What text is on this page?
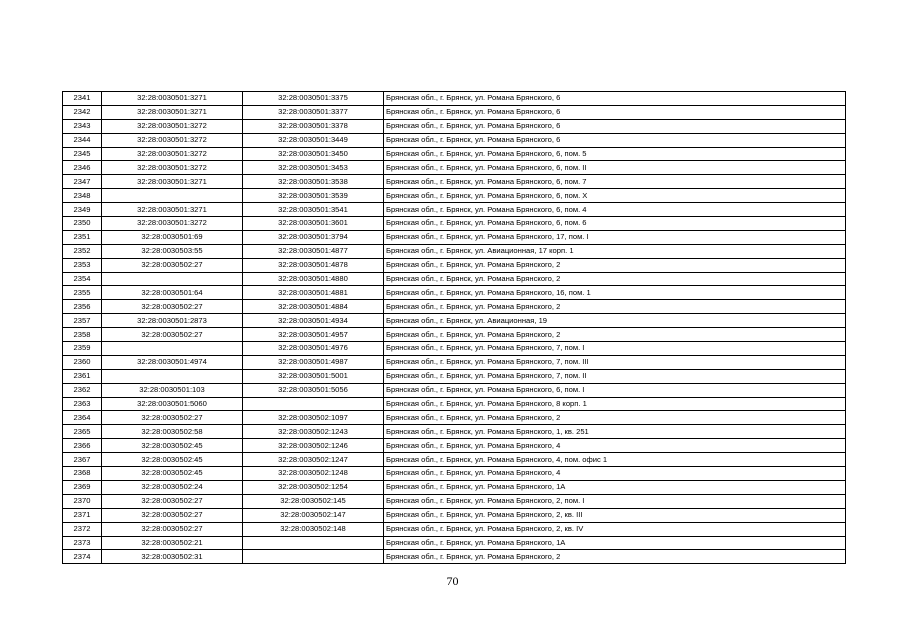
2341	32:28:0030501:3271	32:28:0030501:3375	Брянская обл., г. Брянск, ул. Романа Брянского, 6
2342	32:28:0030501:3271	32:28:0030501:3377	Брянская обл., г. Брянск, ул. Романа Брянского, 6
2343	32:28:0030501:3272	32:28:0030501:3378	Брянская обл., г. Брянск, ул. Романа Брянского, 6
2344	32:28:0030501:3272	32:28:0030501:3449	Брянская обл., г. Брянск, ул. Романа Брянского, 6
2345	32:28:0030501:3272	32:28:0030501:3450	Брянская обл., г. Брянск, ул. Романа Брянского, 6, пом. 5
2346	32:28:0030501:3272	32:28:0030501:3453	Брянская обл., г. Брянск, ул. Романа Брянского, 6, пом. II
2347	32:28:0030501:3271	32:28:0030501:3538	Брянская обл., г. Брянск, ул. Романа Брянского, 6, пом. 7
2348		32:28:0030501:3539	Брянская обл., г. Брянск, ул. Романа Брянского, 6, пом. X
2349	32:28:0030501:3271	32:28:0030501:3541	Брянская обл., г. Брянск, ул. Романа Брянского, 6, пом. 4
2350	32:28:0030501:3272	32:28:0030501:3601	Брянская обл., г. Брянск, ул. Романа Брянского, 6, пом. 6
2351	32:28:0030501:69	32:28:0030501:3794	Брянская обл., г. Брянск, ул. Романа Брянского, 17, пом. I
2352	32:28:0030503:55	32:28:0030501:4877	Брянская обл., г. Брянск, ул. Авиационная, 17 корп. 1
2353	32:28:0030502:27	32:28:0030501:4878	Брянская обл., г. Брянск, ул. Романа Брянского, 2
2354		32:28:0030501:4880	Брянская обл., г. Брянск, ул. Романа Брянского, 2
2355	32:28:0030501:64	32:28:0030501:4881	Брянская обл., г. Брянск, ул. Романа Брянского, 16, пом. 1
2356	32:28:0030502:27	32:28:0030501:4884	Брянская обл., г. Брянск, ул. Романа Брянского, 2
2357	32:28:0030501:2873	32:28:0030501:4934	Брянская обл., г. Брянск, ул. Авиационная, 19
2358	32:28:0030502:27	32:28:0030501:4957	Брянская обл., г. Брянск, ул. Романа Брянского, 2
2359		32:28:0030501:4976	Брянская обл., г. Брянск, ул. Романа Брянского, 7, пом. I
2360	32:28:0030501:4974	32:28:0030501:4987	Брянская обл., г. Брянск, ул. Романа Брянского, 7, пом. III
2361		32:28:0030501:5001	Брянская обл., г. Брянск, ул. Романа Брянского, 7, пом. II
2362	32:28:0030501:103	32:28:0030501:5056	Брянская обл., г. Брянск, ул. Романа Брянского, 6, пом. I
2363	32:28:0030501:5060		Брянская обл., г. Брянск, ул. Романа Брянского, 8 корп. 1
2364	32:28:0030502:27	32:28:0030502:1097	Брянская обл., г. Брянск, ул. Романа Брянского, 2
2365	32:28:0030502:58	32:28:0030502:1243	Брянская обл., г. Брянск, ул. Романа Брянского, 1, кв. 251
2366	32:28:0030502:45	32:28:0030502:1246	Брянская обл., г. Брянск, ул. Романа Брянского, 4
2367	32:28:0030502:45	32:28:0030502:1247	Брянская обл., г. Брянск, ул. Романа Брянского, 4, пом. офис 1
2368	32:28:0030502:45	32:28:0030502:1248	Брянская обл., г. Брянск, ул. Романа Брянского, 4
2369	32:28:0030502:24	32:28:0030502:1254	Брянская обл., г. Брянск, ул. Романа Брянского, 1А
2370	32:28:0030502:27	32:28:0030502:145	Брянская обл., г. Брянск, ул. Романа Брянского, 2, пом. I
2371	32:28:0030502:27	32:28:0030502:147	Брянская обл., г. Брянск, ул. Романа Брянского, 2, кв. III
2372	32:28:0030502:27	32:28:0030502:148	Брянская обл., г. Брянск, ул. Романа Брянского, 2, кв. IV
2373	32:28:0030502:21		Брянская обл., г. Брянск, ул. Романа Брянского, 1А
2374	32:28:0030502:31		Брянская обл., г. Брянск, ул. Романа Брянского, 2
70
